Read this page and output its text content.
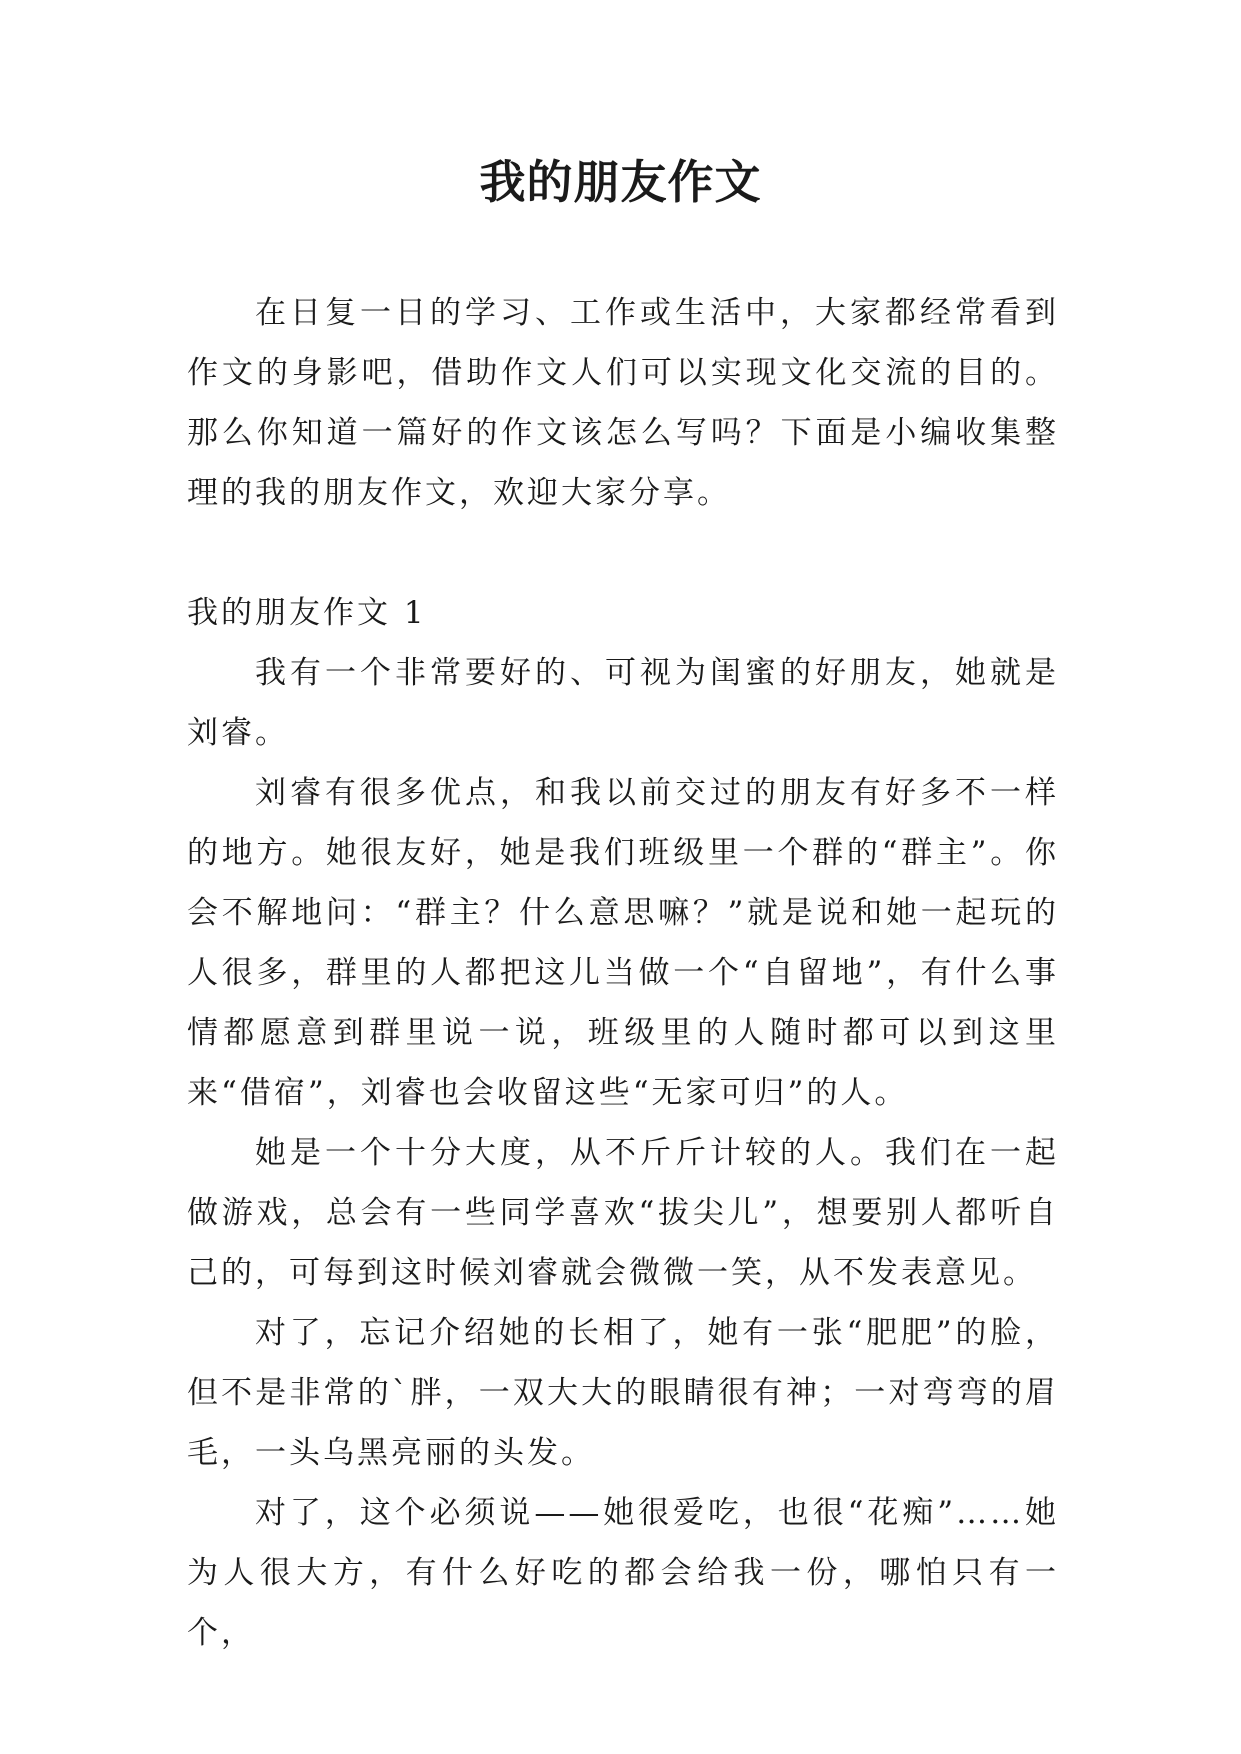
我的朋友作文

在日复一日的学习、工作或生活中，大家都经常看到作文的身影吧，借助作文人们可以实现文化交流的目的。那么你知道一篇好的作文该怎么写吗？下面是小编收集整理的我的朋友作文，欢迎大家分享。

我的朋友作文 1

我有一个非常要好的、可视为闺蜜的好朋友，她就是刘睿。

刘睿有很多优点，和我以前交过的朋友有好多不一样的地方。她很友好，她是我们班级里一个群的“群主”。你会不解地问：“群主？什么意思嘛？”就是说和她一起玩的人很多，群里的人都把这儿当做一个“自留地”，有什么事情都愿意到群里说一说，班级里的人随时都可以到这里来“借宿”，刘睿也会收留这些“无家可归”的人。

她是一个十分大度，从不斤斤计较的人。我们在一起做游戏，总会有一些同学喜欢“拔尖儿”，想要别人都听自己的，可每到这时候刘睿就会微微一笑，从不发表意见。

对了，忘记介绍她的长相了，她有一张“肥肥”的脸，但不是非常的`胖，一双大大的眼睛很有神；一对弯弯的眉毛，一头乌黑亮丽的头发。

对了，这个必须说——她很爱吃，也很“花痴”……她为人很大方，有什么好吃的都会给我一份，哪怕只有一个，
